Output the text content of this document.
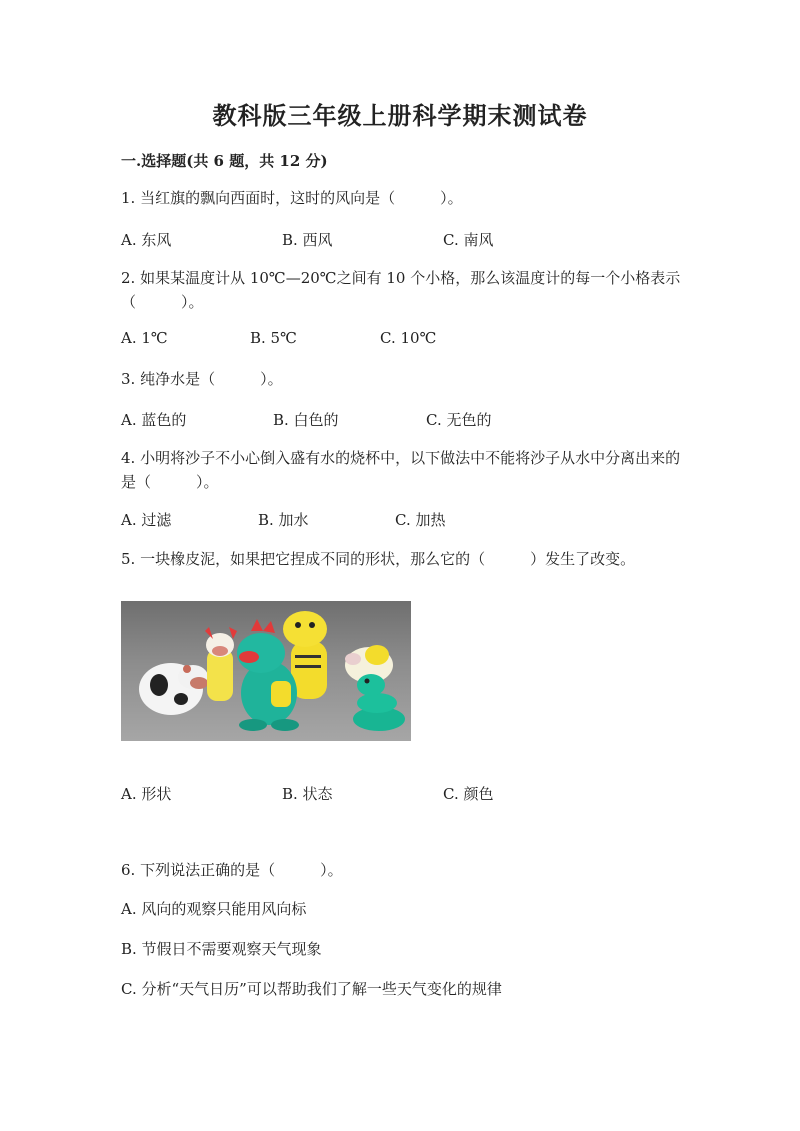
教科版三年级上册科学期末测试卷
一.选择题(共 6 题，共 12 分)
1. 当红旗的飘向西面时，这时的风向是（　　　）。
A. 东风	B. 西风	C. 南风
2. 如果某温度计从 10℃—20℃之间有 10 个小格，那么该温度计的每一个小格表示（　　　）。
A. 1℃	B. 5℃	C. 10℃
3. 纯净水是（　　　）。
A. 蓝色的	B. 白色的	C. 无色的
4. 小明将沙子不小心倒入盛有水的烧杯中，以下做法中不能将沙子从水中分离出来的是（　　　）。
A. 过滤	B. 加水	C. 加热
5. 一块橡皮泥，如果把它捏成不同的形状，那么它的（　　　）发生了改变。
A. 形状	B. 状态	C. 颜色
6. 下列说法正确的是（　　　）。
A. 风向的观察只能用风向标
B. 节假日不需要观察天气现象
C. 分析“天气日历”可以帮助我们了解一些天气变化的规律
